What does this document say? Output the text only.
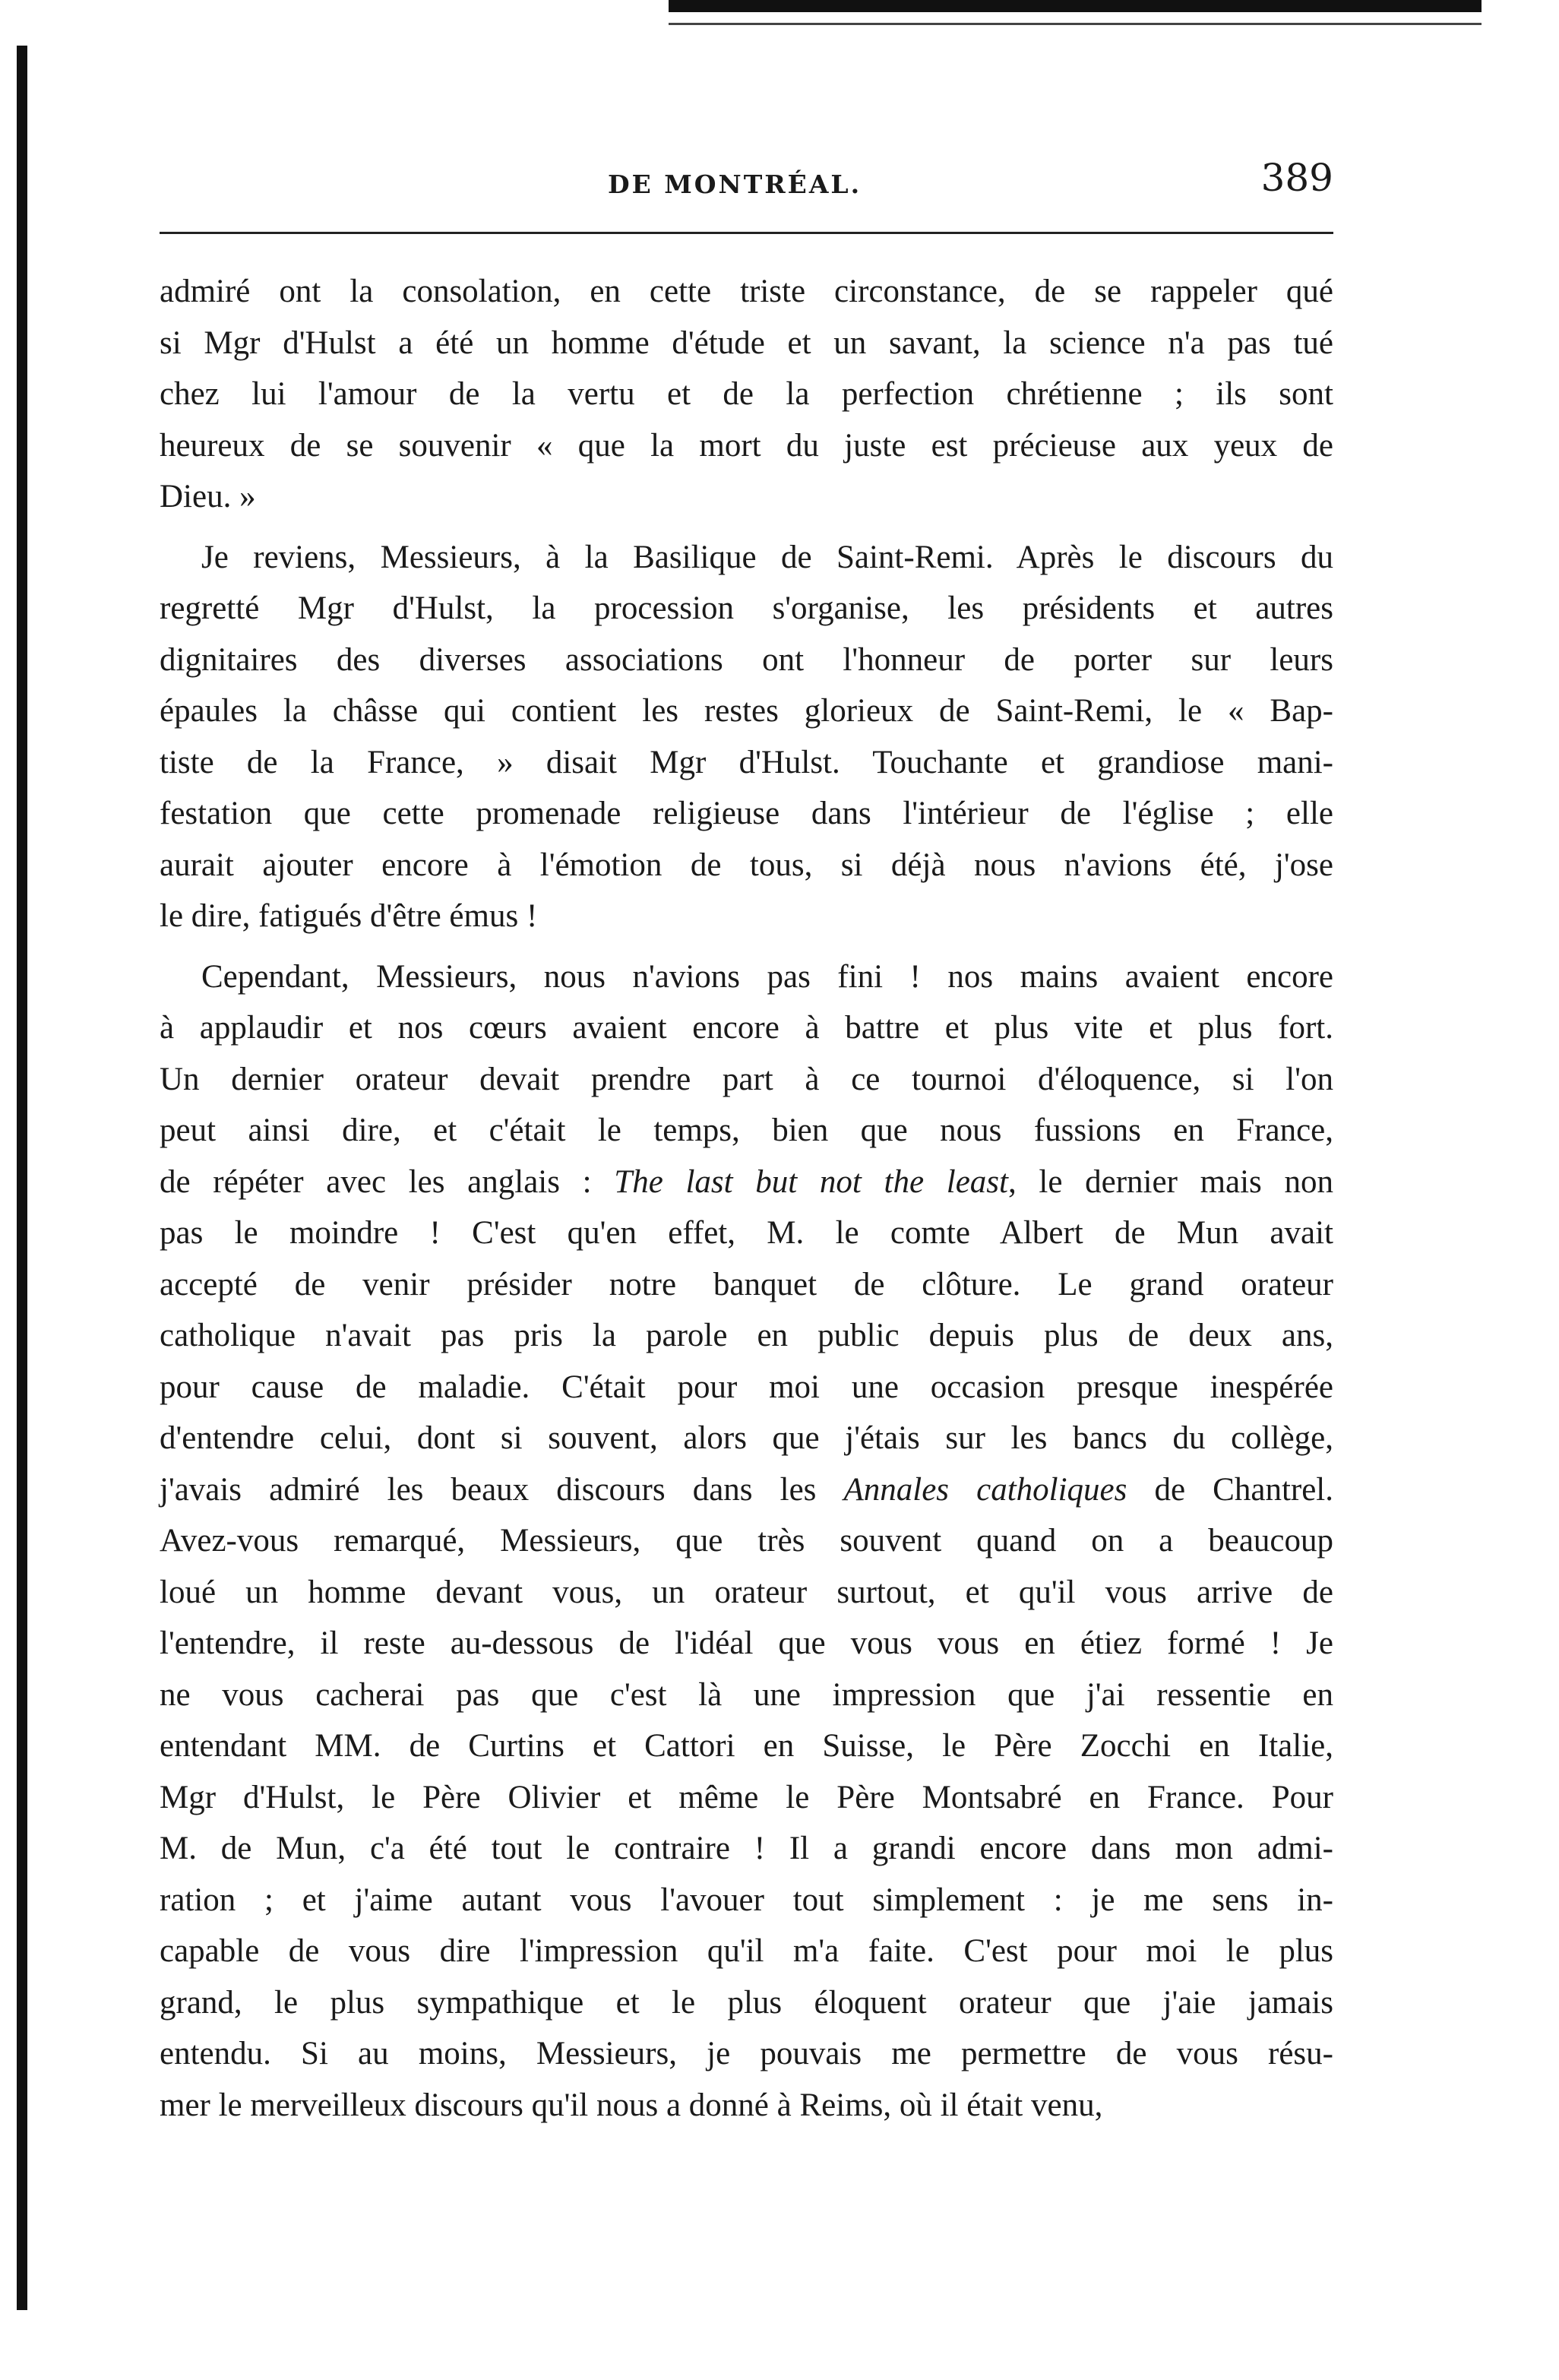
DE MONTRÉAL.	389
admiré ont la consolation, en cette triste circonstance, de se rappeler qué
si Mgr d'Hulst a été un homme d'étude et un savant, la science n'a pas tué
chez lui l'amour de la vertu et de la perfection chrétienne ; ils sont
heureux de se souvenir « que la mort du juste est précieuse aux yeux de
Dieu. »
Je reviens, Messieurs, à la Basilique de Saint-Remi. Après le discours du
regretté Mgr d'Hulst, la procession s'organise, les présidents et autres
dignitaires des diverses associations ont l'honneur de porter sur leurs
épaules la châsse qui contient les restes glorieux de Saint-Remi, le « Bap-
tiste de la France, » disait Mgr d'Hulst. Touchante et grandiose mani-
festation que cette promenade religieuse dans l'intérieur de l'église ; elle
aurait ajouter encore à l'émotion de tous, si déjà nous n'avions été, j'ose
le dire, fatigués d'être émus !
Cependant, Messieurs, nous n'avions pas fini ! nos mains avaient encore
à applaudir et nos cœurs avaient encore à battre et plus vite et plus fort.
Un dernier orateur devait prendre part à ce tournoi d'éloquence, si l'on
peut ainsi dire, et c'était le temps, bien que nous fussions en France,
de répéter avec les anglais : The last but not the least, le dernier mais non
pas le moindre ! C'est qu'en effet, M. le comte Albert de Mun avait
accepté de venir présider notre banquet de clôture. Le grand orateur
catholique n'avait pas pris la parole en public depuis plus de deux ans,
pour cause de maladie. C'était pour moi une occasion presque inespérée
d'entendre celui, dont si souvent, alors que j'étais sur les bancs du collège,
j'avais admiré les beaux discours dans les Annales catholiques de Chantrel.
Avez-vous remarqué, Messieurs, que très souvent quand on a beaucoup
loué un homme devant vous, un orateur surtout, et qu'il vous arrive de
l'entendre, il reste au-dessous de l'idéal que vous vous en étiez formé ! Je
ne vous cacherai pas que c'est là une impression que j'ai ressentie en
entendant MM. de Curtins et Cattori en Suisse, le Père Zocchi en Italie,
Mgr d'Hulst, le Père Olivier et même le Père Montsabré en France. Pour
M. de Mun, c'a été tout le contraire ! Il a grandi encore dans mon admi-
ration ; et j'aime autant vous l'avouer tout simplement : je me sens in-
capable de vous dire l'impression qu'il m'a faite. C'est pour moi le plus
grand, le plus sympathique et le plus éloquent orateur que j'aie jamais
entendu. Si au moins, Messieurs, je pouvais me permettre de vous résu-
mer le merveilleux discours qu'il nous a donné à Reims, où il était venu,
